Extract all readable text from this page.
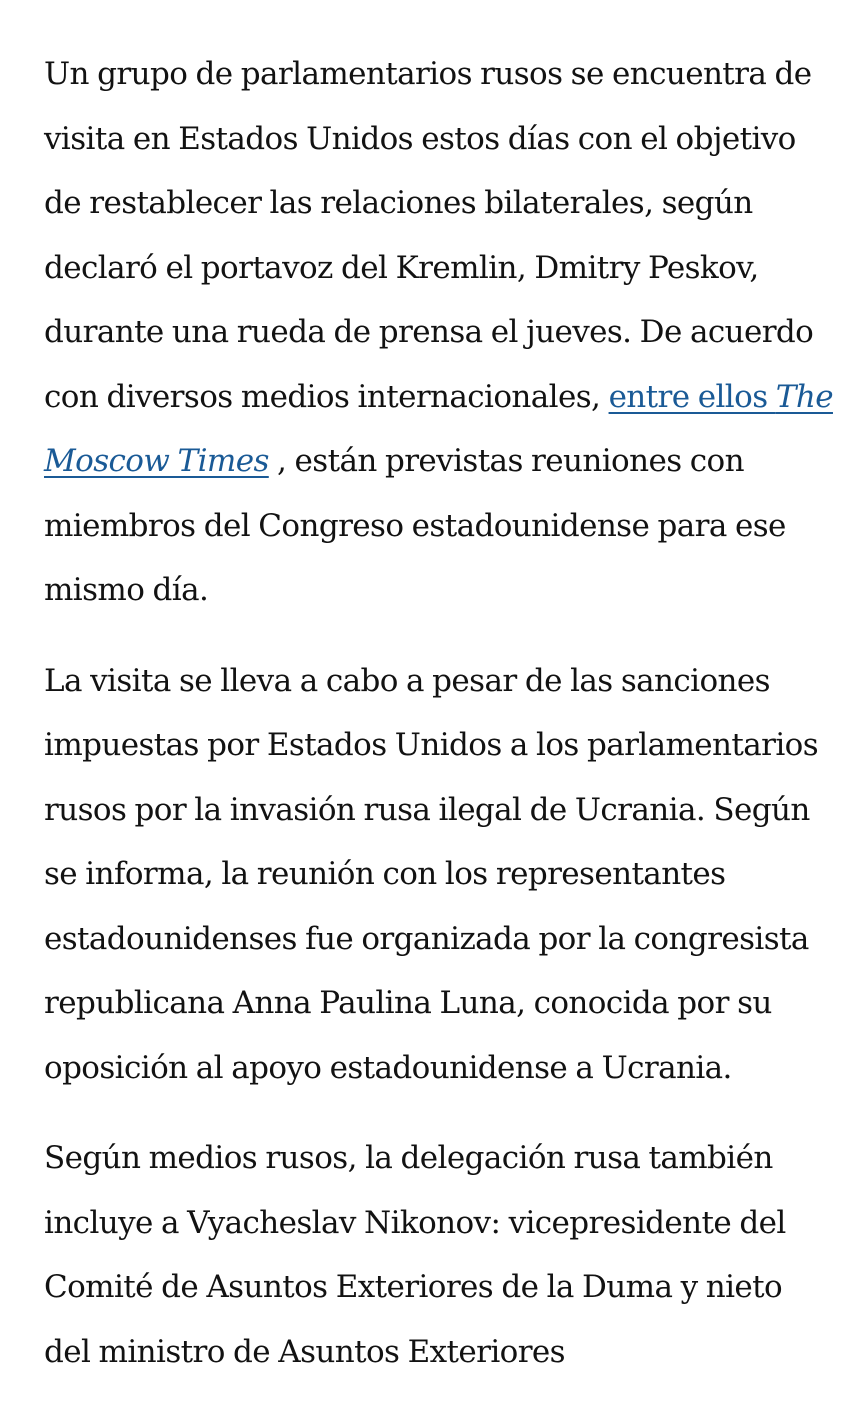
Un grupo de parlamentarios rusos se encuentra de visita en Estados Unidos estos días con el objetivo de restablecer las relaciones bilaterales, según declaró el portavoz del Kremlin, Dmitry Peskov, durante una rueda de prensa el jueves. De acuerdo con diversos medios internacionales, entre ellos The Moscow Times , están previstas reuniones con miembros del Congreso estadounidense para ese mismo día.

La visita se lleva a cabo a pesar de las sanciones impuestas por Estados Unidos a los parlamentarios rusos por la invasión rusa ilegal de Ucrania. Según se informa, la reunión con los representantes estadounidenses fue organizada por la congresista republicana Anna Paulina Luna, conocida por su oposición al apoyo estadounidense a Ucrania.

Según medios rusos, la delegación rusa también incluye a Vyacheslav Nikonov: vicepresidente del Comité de Asuntos Exteriores de la Duma y nieto del ministro de Asuntos Exteriores
